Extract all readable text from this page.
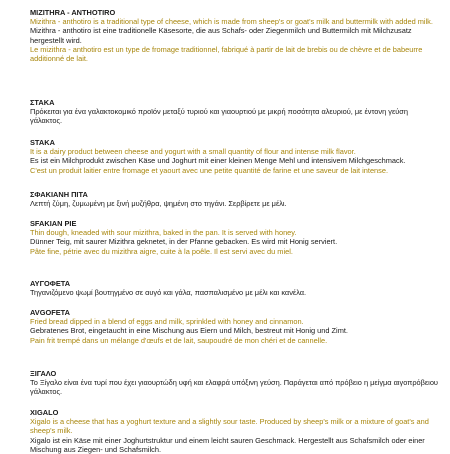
MIZITHRA - ANTHOTIRO
Mizithra - anthotiro is a traditional type of cheese, which is made from sheep's or goat's milk and buttermilk with added milk.
Mizithra - anthotiro ist eine traditionelle Käsesorte, die aus Schafs- oder Ziegenmilch und Buttermilch mit Milchzusatz hergestellt wird.
Le mizithra - anthotiro est un type de fromage traditionnel, fabriqué à partir de lait de brebis ou de chèvre et de babeurre additionné de lait.
ΣΤΑΚΑ
Πρόκειται για ένα γαλακτοκομικό προϊόν μεταξύ τυριού και γιαουρτιού με μικρή ποσότητα αλευριού, με έντονη γεύση γάλακτος.
STAKA
It is a dairy product between cheese and yogurt with a small quantity of flour and intense milk flavor.
Es ist ein Milchprodukt zwischen Käse und Joghurt mit einer kleinen Menge Mehl und intensivem Milchgeschmack.
C'est un produit laitier entre fromage et yaourt avec une petite quantité de farine et une saveur de lait intense.
ΣΦΑΚΙΑΝΗ ΠΙΤΑ
Λεπτή ζύμη, ζυμωμένη με ξινή μυζήθρα, ψημένη στο τηγάνι. Σερβίρετε με μέλι.
SFAKIAN PIE
Thin dough, kneaded with sour mizithra, baked in the pan. It is served with honey.
Dünner Teig, mit saurer Mizithra geknetet, in der Pfanne gebacken. Es wird mit Honig serviert.
Pâte fine, pétrie avec du mizithra aigre, cuite à la poêle. Il est servi avec du miel.
ΑΥΓΟΦΕΤΑ
Τηγανιζόμενο ψωμί βουτηγμένο σε αυγό και γάλα, πασπαλισμένο με μέλι και κανέλα.
AVGOFETA
Fried bread dipped in a blend of eggs and milk, sprinkled with honey and cinnamon.
Gebratenes Brot, eingetaucht in eine Mischung aus Eiern und Milch, bestreut mit Honig und Zimt.
Pain frit trempé dans un mélange d'œufs et de lait, saupoudré de mon chéri et de cannelle.
ΞΙΓΑΛΟ
Το Ξίγαλο είναι ένα τυρί που έχει γιαουρτώδη υφή και ελαφρά υπόξινη γεύση. Παράγεται από πρόβειο η μείγμα αιγοπρόβειου γάλακτος.
XIGALO
Xigalo is a cheese that has a yoghurt texture and a slightly sour taste. Produced by sheep's milk or a mixture of goat's and sheep's milk.
Xigalo ist ein Käse mit einer Joghurtstruktur und einem leicht sauren Geschmack. Hergestellt aus Schafsmilch oder einer Mischung aus Ziegen- und Schafsmilch.
